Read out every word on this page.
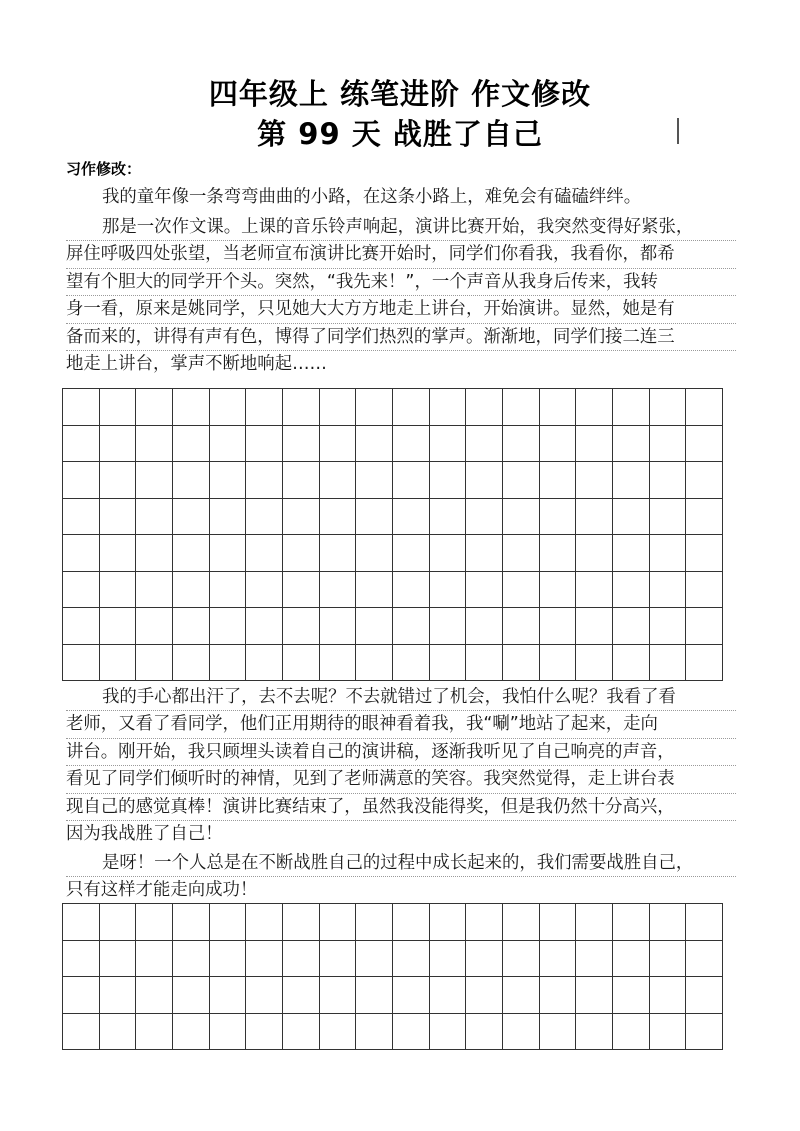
四年级上 练笔进阶 作文修改
第 99 天 战胜了自己
习作修改：
我的童年像一条弯弯曲曲的小路，在这条小路上，难免会有磕磕绊绊。
那是一次作文课。上课的音乐铃声响起，演讲比赛开始，我突然变得好紧张，
屏住呼吸四处张望，当老师宣布演讲比赛开始时，同学们你看我，我看你，都希
望有个胆大的同学开个头。突然，“我先来！”，一个声音从我身后传来，我转
身一看，原来是姚同学，只见她大大方方地走上讲台，开始演讲。显然，她是有
备而来的，讲得有声有色，博得了同学们热烈的掌声。渐渐地，同学们接二连三
地走上讲台，掌声不断地响起……
我的手心都出汗了，去不去呢？不去就错过了机会，我怕什么呢？我看了看
老师，又看了看同学，他们正用期待的眼神看着我，我“唰”地站了起来，走向
讲台。刚开始，我只顾埋头读着自己的演讲稿，逐渐我听见了自己响亮的声音，
看见了同学们倾听时的神情，见到了老师满意的笑容。我突然觉得，走上讲台表
现自己的感觉真棒！演讲比赛结束了，虽然我没能得奖，但是我仍然十分高兴，
因为我战胜了自己！
是呀！一个人总是在不断战胜自己的过程中成长起来的，我们需要战胜自己，
只有这样才能走向成功！
